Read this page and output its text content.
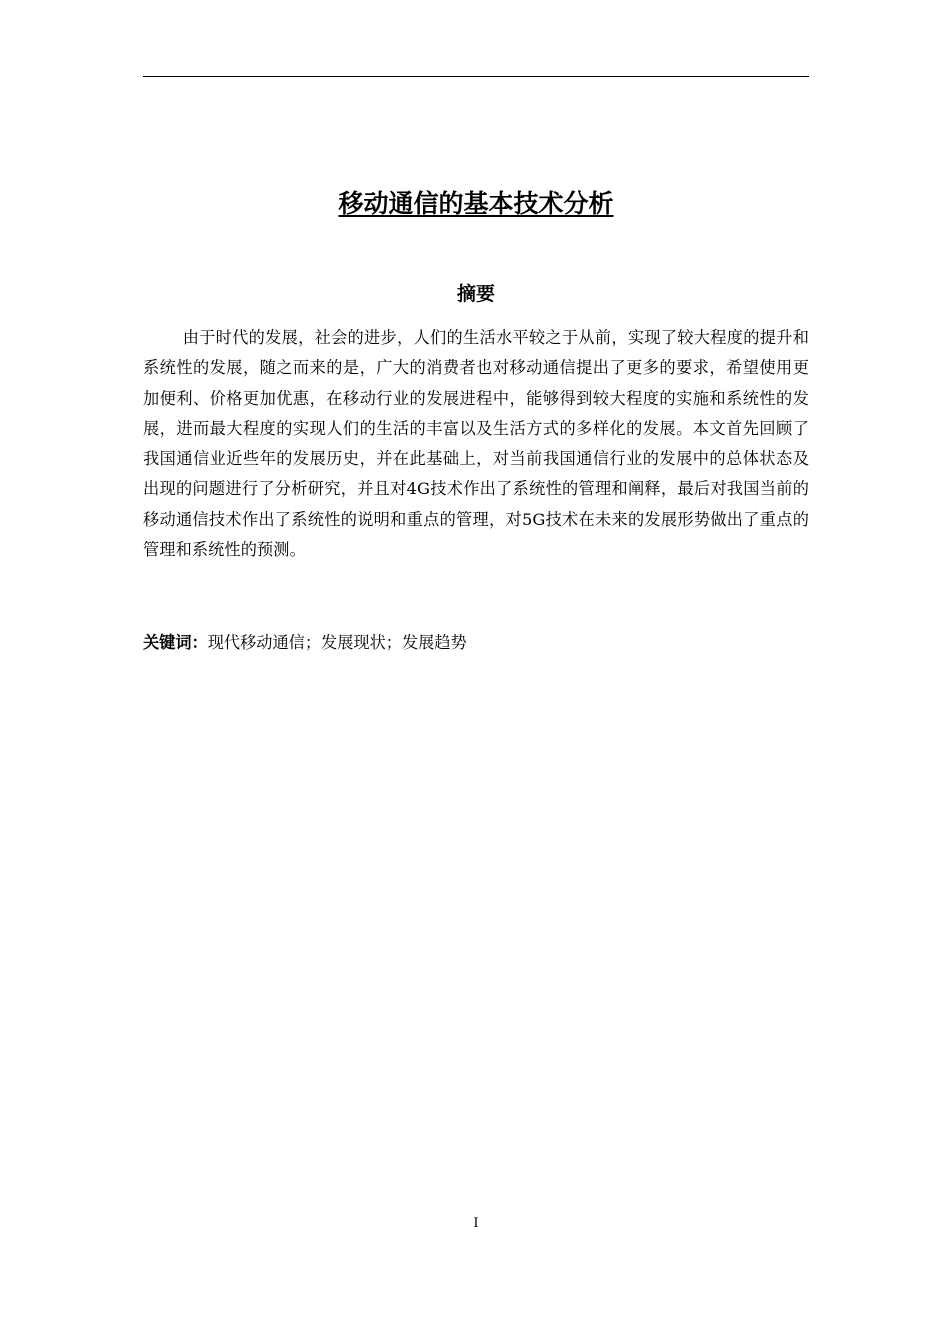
移动通信的基本技术分析
摘要

由于时代的发展，社会的进步，人们的生活水平较之于从前，实现了较大程度的提升和系统性的发展，随之而来的是，广大的消费者也对移动通信提出了更多的要求，希望使用更加便利、价格更加优惠，在移动行业的发展进程中，能够得到较大程度的实施和系统性的发展，进而最大程度的实现人们的生活的丰富以及生活方式的多样化的发展。本文首先回顾了我国通信业近些年的发展历史，并在此基础上，对当前我国通信行业的发展中的总体状态及出现的问题进行了分析研究，并且对4G技术作出了系统性的管理和阐释，最后对我国当前的移动通信技术作出了系统性的说明和重点的管理，对5G技术在未来的发展形势做出了重点的管理和系统性的预测。

关键词：现代移动通信；发展现状；发展趋势

I
